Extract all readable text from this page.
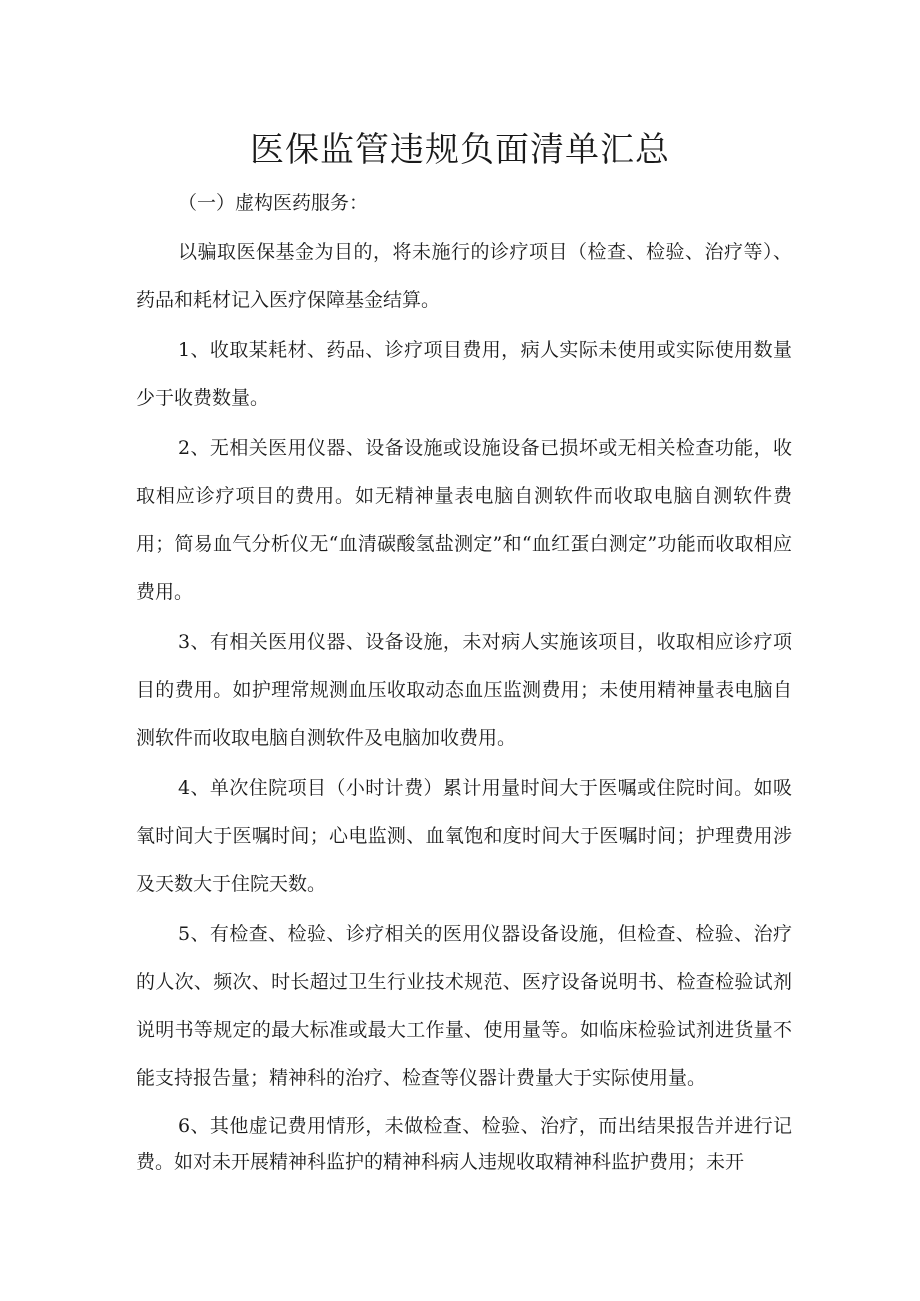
医保监管违规负面清单汇总
（一）虚构医药服务：

以骗取医保基金为目的，将未施行的诊疗项目（检查、检验、治疗等）、药品和耗材记入医疗保障基金结算。

1、收取某耗材、药品、诊疗项目费用，病人实际未使用或实际使用数量少于收费数量。

2、无相关医用仪器、设备设施或设施设备已损坏或无相关检查功能，收取相应诊疗项目的费用。如无精神量表电脑自测软件而收取电脑自测软件费用；简易血气分析仪无“血清碳酸氢盐测定”和“血红蛋白测定”功能而收取相应费用。

3、有相关医用仪器、设备设施，未对病人实施该项目，收取相应诊疗项目的费用。如护理常规测血压收取动态血压监测费用；未使用精神量表电脑自测软件而收取电脑自测软件及电脑加收费用。

4、单次住院项目（小时计费）累计用量时间大于医嘱或住院时间。如吸氧时间大于医嘱时间；心电监测、血氧饱和度时间大于医嘱时间；护理费用涉及天数大于住院天数。

5、有检查、检验、诊疗相关的医用仪器设备设施，但检查、检验、治疗的人次、频次、时长超过卫生行业技术规范、医疗设备说明书、检查检验试剂说明书等规定的最大标准或最大工作量、使用量等。如临床检验试剂进货量不能支持报告量；精神科的治疗、检查等仪器计费量大于实际使用量。

6、其他虚记费用情形，未做检查、检验、治疗，而出结果报告并进行记费。如对未开展精神科监护的精神科病人违规收取精神科监护费用；未开
